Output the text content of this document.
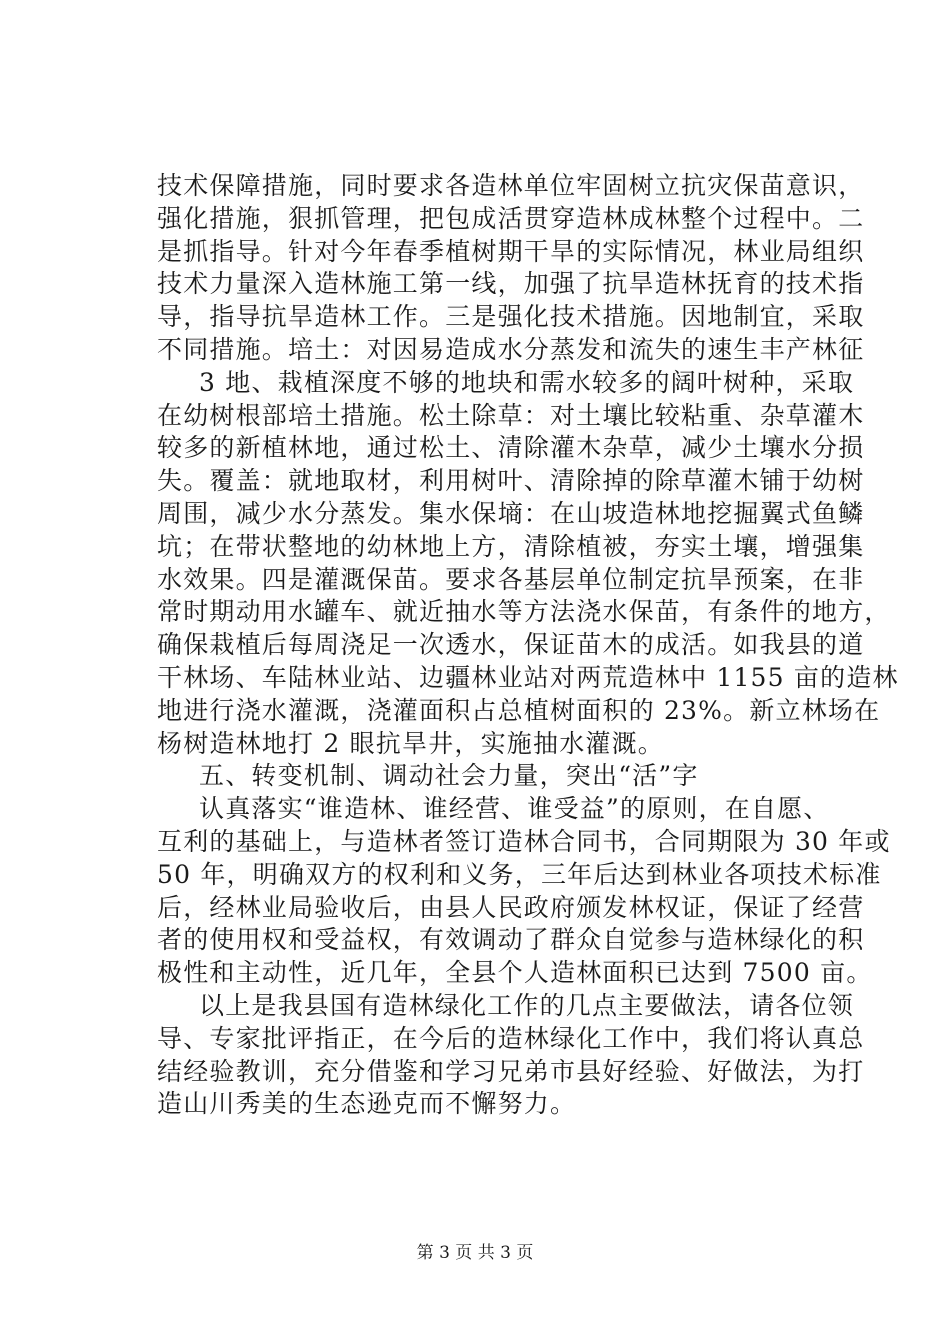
技术保障措施，同时要求各造林单位牢固树立抗灾保苗意识，
强化措施，狠抓管理，把包成活贯穿造林成林整个过程中。二
是抓指导。针对今年春季植树期干旱的实际情况，林业局组织
技术力量深入造林施工第一线，加强了抗旱造林抚育的技术指
导，指导抗旱造林工作。三是强化技术措施。因地制宜，采取
不同措施。培土：对因易造成水分蒸发和流失的速生丰产林征
3 地、栽植深度不够的地块和需水较多的阔叶树种，采取
在幼树根部培土措施。松土除草：对土壤比较粘重、杂草灌木
较多的新植林地，通过松土、清除灌木杂草，减少土壤水分损
失。覆盖：就地取材，利用树叶、清除掉的除草灌木铺于幼树
周围，减少水分蒸发。集水保墒：在山坡造林地挖掘翼式鱼鳞
坑；在带状整地的幼林地上方，清除植被，夯实土壤，增强集
水效果。四是灌溉保苗。要求各基层单位制定抗旱预案，在非
常时期动用水罐车、就近抽水等方法浇水保苗，有条件的地方，
确保栽植后每周浇足一次透水，保证苗木的成活。如我县的道
干林场、车陆林业站、边疆林业站对两荒造林中 1155 亩的造林
地进行浇水灌溉，浇灌面积占总植树面积的 23%。新立林场在
杨树造林地打 2 眼抗旱井，实施抽水灌溉。
五、转变机制、调动社会力量，突出“活”字
认真落实“谁造林、谁经营、谁受益”的原则，在自愿、
互利的基础上，与造林者签订造林合同书，合同期限为 30 年或
50 年，明确双方的权利和义务，三年后达到林业各项技术标准
后，经林业局验收后，由县人民政府颁发林权证，保证了经营
者的使用权和受益权，有效调动了群众自觉参与造林绿化的积
极性和主动性，近几年，全县个人造林面积已达到 7500 亩。
以上是我县国有造林绿化工作的几点主要做法，请各位领
导、专家批评指正，在今后的造林绿化工作中，我们将认真总
结经验教训，充分借鉴和学习兄弟市县好经验、好做法，为打
造山川秀美的生态逊克而不懈努力。
第 3 页 共 3 页
